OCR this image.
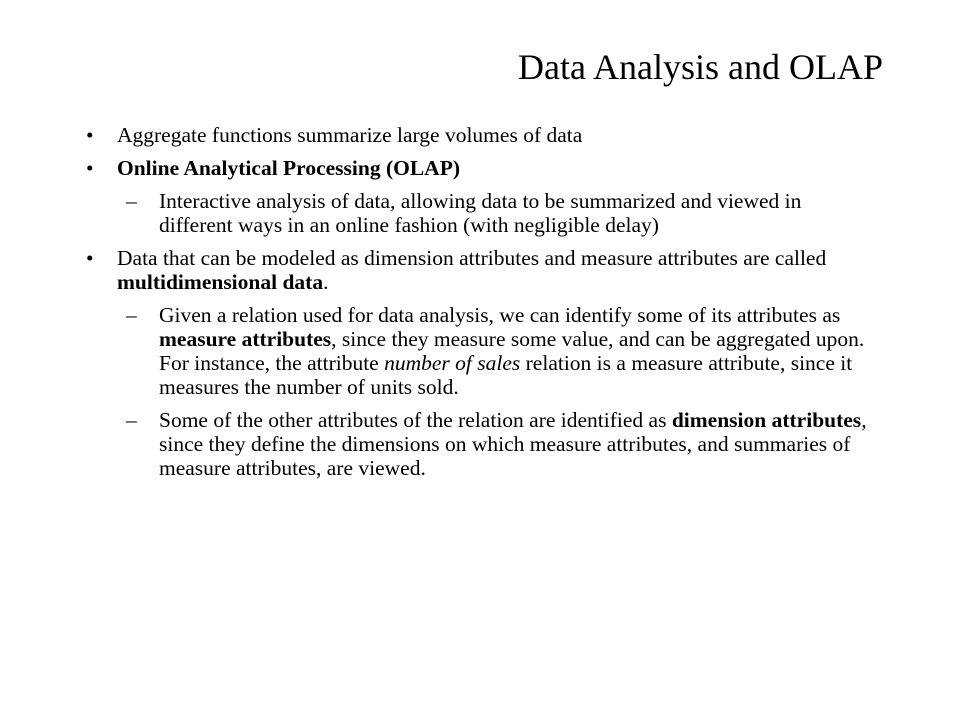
Data Analysis and OLAP
• Aggregate functions summarize large volumes of data
• Online Analytical Processing (OLAP)
– Interactive analysis of data, allowing data to be summarized and viewed in different ways in an online fashion (with negligible delay)
• Data that can be modeled as dimension attributes and measure attributes are called multidimensional data.
– Given a relation used for data analysis, we can identify some of its attributes as measure attributes, since they measure some value, and can be aggregated upon. For instance, the attribute number of sales relation is a measure attribute, since it measures the number of units sold.
– Some of the other attributes of the relation are identified as dimension attributes, since they define the dimensions on which measure attributes, and summaries of measure attributes, are viewed.
